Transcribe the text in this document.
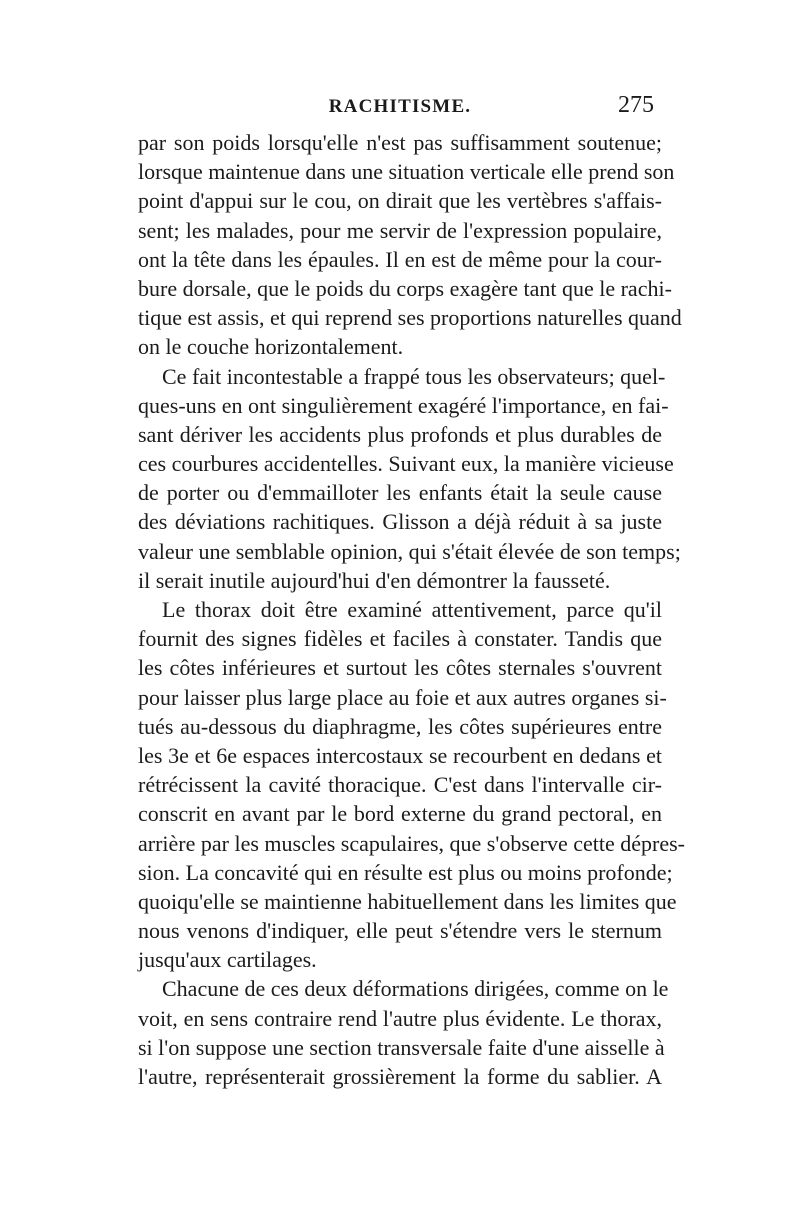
RACHITISME.	275
par son poids lorsqu'elle n'est pas suffisamment soutenue;
lorsque maintenue dans une situation verticale elle prend son
point d'appui sur le cou, on dirait que les vertèbres s'affais-
sent; les malades, pour me servir de l'expression populaire,
ont la tête dans les épaules. Il en est de même pour la cour-
bure dorsale, que le poids du corps exagère tant que le rachi-
tique est assis, et qui reprend ses proportions naturelles quand
on le couche horizontalement.
Ce fait incontestable a frappé tous les observateurs; quel-
ques-uns en ont singulièrement exagéré l'importance, en fai-
sant dériver les accidents plus profonds et plus durables de
ces courbures accidentelles. Suivant eux, la manière vicieuse
de porter ou d'emmailloter les enfants était la seule cause
des déviations rachitiques. Glisson a déjà réduit à sa juste
valeur une semblable opinion, qui s'était élevée de son temps;
il serait inutile aujourd'hui d'en démontrer la fausseté.
Le thorax doit être examiné attentivement, parce qu'il
fournit des signes fidèles et faciles à constater. Tandis que
les côtes inférieures et surtout les côtes sternales s'ouvrent
pour laisser plus large place au foie et aux autres organes si-
tués au-dessous du diaphragme, les côtes supérieures entre
les 3e et 6e espaces intercostaux se recourbent en dedans et
rétrécissent la cavité thoracique. C'est dans l'intervalle cir-
conscrit en avant par le bord externe du grand pectoral, en
arrière par les muscles scapulaires, que s'observe cette dépres-
sion. La concavité qui en résulte est plus ou moins profonde;
quoiqu'elle se maintienne habituellement dans les limites que
nous venons d'indiquer, elle peut s'étendre vers le sternum
jusqu'aux cartilages.
Chacune de ces deux déformations dirigées, comme on le
voit, en sens contraire rend l'autre plus évidente. Le thorax,
si l'on suppose une section transversale faite d'une aisselle à
l'autre, représenterait grossièrement la forme du sablier. A
